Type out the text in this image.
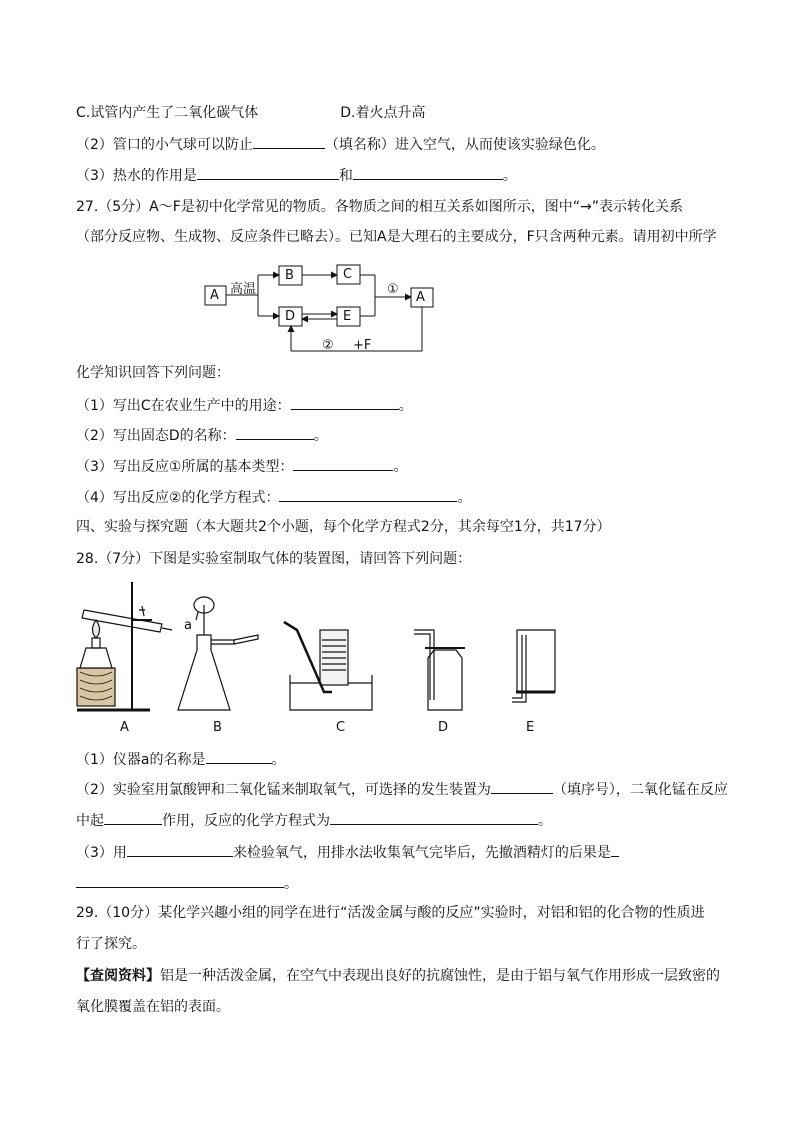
C.试管内产生了二氧化碳气体	D.着火点升高
（2）管口的小气球可以防止	（填名称）进入空气，从而使该实验绿色化。
（3）热水的作用是	和	。
27.（5分）A～F是初中化学常见的物质。各物质之间的相互关系如图所示，图中“→”表示转化关系
（部分反应物、生成物、反应条件已略去）。已知A是大理石的主要成分，F只含两种元素。请用初中所学
A 高温
B	C
D	E
A
①
② +F
化学知识回答下列问题：
（1）写出C在农业生产中的用途：	。
（2）写出固态D的名称：	。
（3）写出反应①所属的基本类型：	。
（4）写出反应②的化学方程式：	。
四、实验与探究题（本大题共2个小题，每个化学方程式2分，其余每空1分，共17分）
28.（7分）下图是实验室制取气体的装置图，请回答下列问题：
a
A	B	C	D	E
（1）仪器a的名称是	。
（2）实验室用氯酸钾和二氧化锰来制取氧气，可选择的发生装置为	（填序号），二氧化锰在反应
中起	作用，反应的化学方程式为	。
（3）用	来检验氧气，用排水法收集氧气完毕后，先撤酒精灯的后果是
。
29.（10分）某化学兴趣小组的同学在进行“活泼金属与酸的反应”实验时，对铝和铝的化合物的性质进
行了探究。
【查阅资料】铝是一种活泼金属，在空气中表现出良好的抗腐蚀性，是由于铝与氧气作用形成一层致密的
氧化膜覆盖在铝的表面。
